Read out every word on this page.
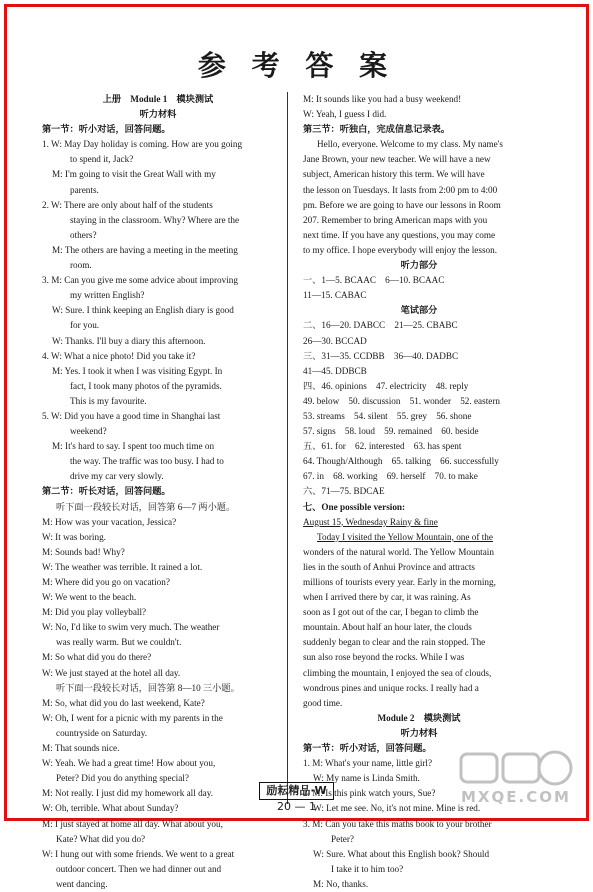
参 考 答 案
上册　Module 1　模块测试
听力材料
第一节：听小对话，回答问题。
1. W: May Day holiday is coming. How are you going
to spend it, Jack?
M: I'm going to visit the Great Wall with my
parents.
2. W: There are only about half of the students
staying in the classroom. Why? Where are the
others?
M: The others are having a meeting in the meeting
room.
3. M: Can you give me some advice about improving
my written English?
W: Sure. I think keeping an English diary is good
for you.
W: Thanks. I'll buy a diary this afternoon.
4. W: What a nice photo! Did you take it?
M: Yes. I took it when I was visiting Egypt. In
fact, I took many photos of the pyramids.
This is my favourite.
5. W: Did you have a good time in Shanghai last
weekend?
M: It's hard to say. I spent too much time on
the way. The traffic was too busy. I had to
drive my car very slowly.
第二节：听长对话，回答问题。
听下面一段较长对话，回答第 6—7 两小题。
M: How was your vacation, Jessica?
W: It was boring.
M: Sounds bad! Why?
W: The weather was terrible. It rained a lot.
M: Where did you go on vacation?
W: We went to the beach.
M: Did you play volleyball?
W: No, I'd like to swim very much. The weather
was really warm. But we couldn't.
M: So what did you do there?
W: We just stayed at the hotel all day.
听下面一段较长对话，回答第 8—10 三小题。
M: So, what did you do last weekend, Kate?
W: Oh, I went for a picnic with my parents in the
countryside on Saturday.
M: That sounds nice.
W: Yeah. We had a great time! How about you,
Peter? Did you do anything special?
M: Not really. I just did my homework all day.
W: Oh, terrible. What about Sunday?
M: I just stayed at home all day. What about you,
Kate? What did you do?
W: I hung out with some friends. We went to a great
outdoor concert. Then we had dinner out and
went dancing.
M: It sounds like you had a busy weekend!
W: Yeah, I guess I did.
第三节：听独白，完成信息记录表。
Hello, everyone. Welcome to my class. My name's
Jane Brown, your new teacher. We will have a new
subject, American history this term. We will have
the lesson on Tuesdays. It lasts from 2:00 pm to 4:00
pm. Before we are going to have our lessons in Room
207. Remember to bring American maps with you
next time. If you have any questions, you may come
to my office. I hope everybody will enjoy the lesson.
听力部分
一、1—5. BCAAC　6—10. BCAAC
11—15. CABAC
笔试部分
二、16—20. DABCC　21—25. CBABC
26—30. BCCAD
三、31—35. CCDBB　36—40. DADBC
41—45. DDBCB
四、46. opinions　47. electricity　48. reply
49. below　50. discussion　51. wonder　52. eastern
53. streams　54. silent　55. grey　56. shone
57. signs　58. loud　59. remained　60. beside
五、61. for　62. interested　63. has spent
64. Though/Although　65. talking　66. successfully
67. in　68. working　69. herself　70. to make
六、71—75. BDCAE
七、One possible version:
August 15, Wednesday Rainy & fine
Today I visited the Yellow Mountain, one of the
wonders of the natural world. The Yellow Mountain
lies in the south of Anhui Province and attracts
millions of tourists every year. Early in the morning,
when I arrived there by car, it was raining. As
soon as I got out of the car, I began to climb the
mountain. About half an hour later, the clouds
suddenly began to clear and the rain stopped. The
sun also rose beyond the rocks. While I was
climbing the mountain, I enjoyed the sea of clouds,
wondrous pines and unique rocks. I really had a
good time.
Module 2　模块测试
听力材料
第一节：听小对话，回答问题。
1. M: What's your name, little girl?
W: My name is Linda Smith.
2. M: Is this pink watch yours, Sue?
W: Let me see. No, it's not mine. Mine is red.
3. M: Can you take this maths book to your brother
Peter?
W: Sure. What about this English book? Should
I take it to him too?
M: No, thanks.
励耘精品·W
20 — 1
MXQE.COM
